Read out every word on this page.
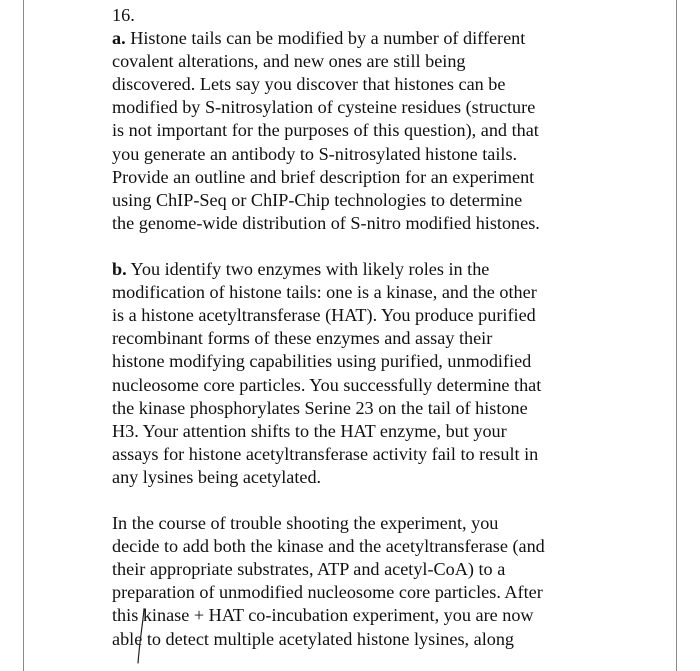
16.
a. Histone tails can be modified by a number of different
covalent alterations, and new ones are still being
discovered. Lets say you discover that histones can be
modified by S-nitrosylation of cysteine residues (structure
is not important for the purposes of this question), and that
you generate an antibody to S-nitrosylated histone tails.
Provide an outline and brief description for an experiment
using ChIP-Seq or ChIP-Chip technologies to determine
the genome-wide distribution of S-nitro modified histones.
b. You identify two enzymes with likely roles in the
modification of histone tails: one is a kinase, and the other
is a histone acetyltransferase (HAT). You produce purified
recombinant forms of these enzymes and assay their
histone modifying capabilities using purified, unmodified
nucleosome core particles. You successfully determine that
the kinase phosphorylates Serine 23 on the tail of histone
H3. Your attention shifts to the HAT enzyme, but your
assays for histone acetyltransferase activity fail to result in
any lysines being acetylated.
In the course of trouble shooting the experiment, you
decide to add both the kinase and the acetyltransferase (and
their appropriate substrates, ATP and acetyl-CoA) to a
preparation of unmodified nucleosome core particles. After
this kinase + HAT co-incubation experiment, you are now
able to detect multiple acetylated histone lysines, along
